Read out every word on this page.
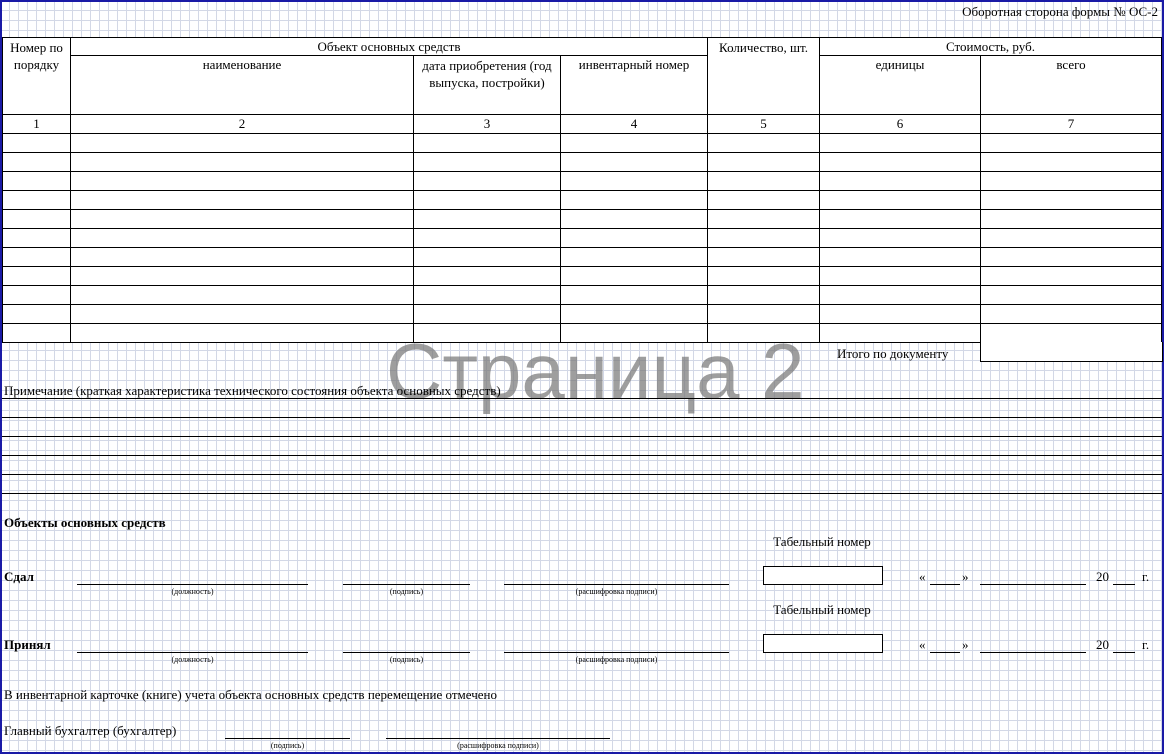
Оборотная сторона формы № ОС-2
Номер по порядку	Объект основных средств			Количество, шт.	Стоимость, руб.	
	наименование	дата приобретения (год выпуска, постройки)	инвентарный номер		единицы	всего
1	2	3	4	5	6	7

Итого по документу
Страница 2
Примечание (краткая характеристика технического состояния объекта основных средств)
Объекты основных средств
Табельный номер
Сдал
(должность)	(подпись)	(расшифровка подписи)
«	»	20	г.
Табельный номер
Принял
(должность)	(подпись)	(расшифровка подписи)
«	»	20	г.
В инвентарной карточке (книге) учета объекта основных средств перемещение отмечено
Главный бухгалтер (бухгалтер)
(подпись)	(расшифровка подписи)
